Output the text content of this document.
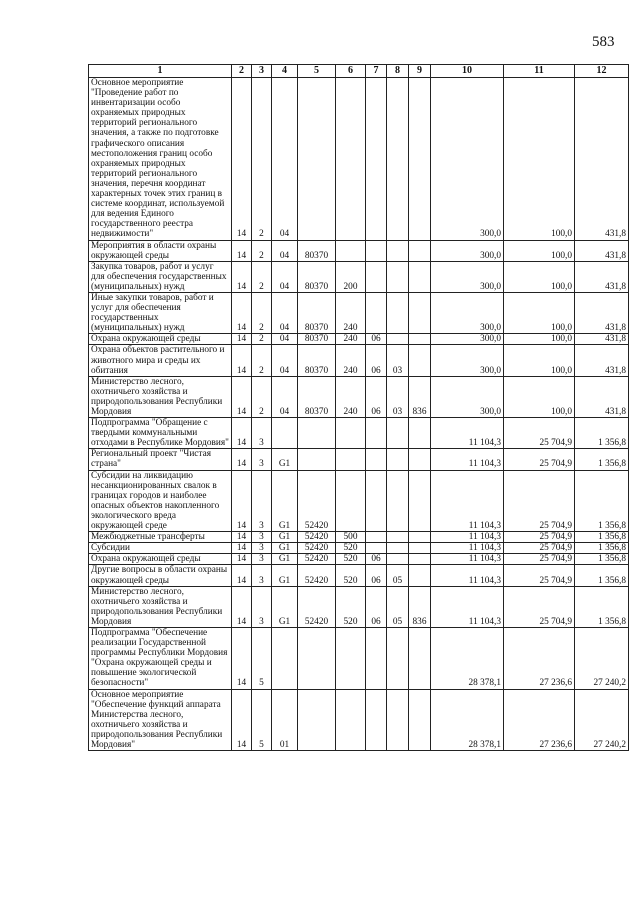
583
1	2	3	4	5	6	7	8	9	10	11	12
Основное мероприятие "Проведение работ по инвентаризации особо охраняемых природных территорий регионального значения, а также по подготовке графического описания местоположения границ особо охраняемых природных территорий регионального значения, перечня координат характерных точек этих границ в системе координат, используемой для ведения Единого государственного реестра недвижимости"	14	2	04						300,0	100,0	431,8
Мероприятия в области охраны окружающей среды	14	2	04	80370					300,0	100,0	431,8
Закупка товаров, работ и услуг для обеспечения государственных (муниципальных) нужд	14	2	04	80370	200				300,0	100,0	431,8
Иные закупки товаров, работ и услуг для обеспечения государственных (муниципальных) нужд	14	2	04	80370	240				300,0	100,0	431,8
Охрана окружающей среды	14	2	04	80370	240	06			300,0	100,0	431,8
Охрана объектов растительного и животного мира и среды их обитания	14	2	04	80370	240	06	03		300,0	100,0	431,8
Министерство лесного, охотничьего хозяйства и природопользования Республики Мордовия	14	2	04	80370	240	06	03	836	300,0	100,0	431,8
Подпрограмма "Обращение с твердыми коммунальными отходами в Республике Мордовия"	14	3							11 104,3	25 704,9	1 356,8
Региональный проект "Чистая страна"	14	3	G1						11 104,3	25 704,9	1 356,8
Субсидии на ликвидацию несанкционированных свалок в границах городов и наиболее опасных объектов накопленного экологического вреда окружающей среде	14	3	G1	52420					11 104,3	25 704,9	1 356,8
Межбюджетные трансферты	14	3	G1	52420	500				11 104,3	25 704,9	1 356,8
Субсидии	14	3	G1	52420	520				11 104,3	25 704,9	1 356,8
Охрана окружающей среды	14	3	G1	52420	520	06			11 104,3	25 704,9	1 356,8
Другие вопросы в области охраны окружающей среды	14	3	G1	52420	520	06	05		11 104,3	25 704,9	1 356,8
Министерство лесного, охотничьего хозяйства и природопользования Республики Мордовия	14	3	G1	52420	520	06	05	836	11 104,3	25 704,9	1 356,8
Подпрограмма "Обеспечение реализации Государственной программы Республики Мордовия "Охрана окружающей среды и повышение экологической безопасности"	14	5							28 378,1	27 236,6	27 240,2
Основное мероприятие "Обеспечение функций аппарата Министерства лесного, охотничьего хозяйства и природопользования Республики Мордовия"	14	5	01						28 378,1	27 236,6	27 240,2
